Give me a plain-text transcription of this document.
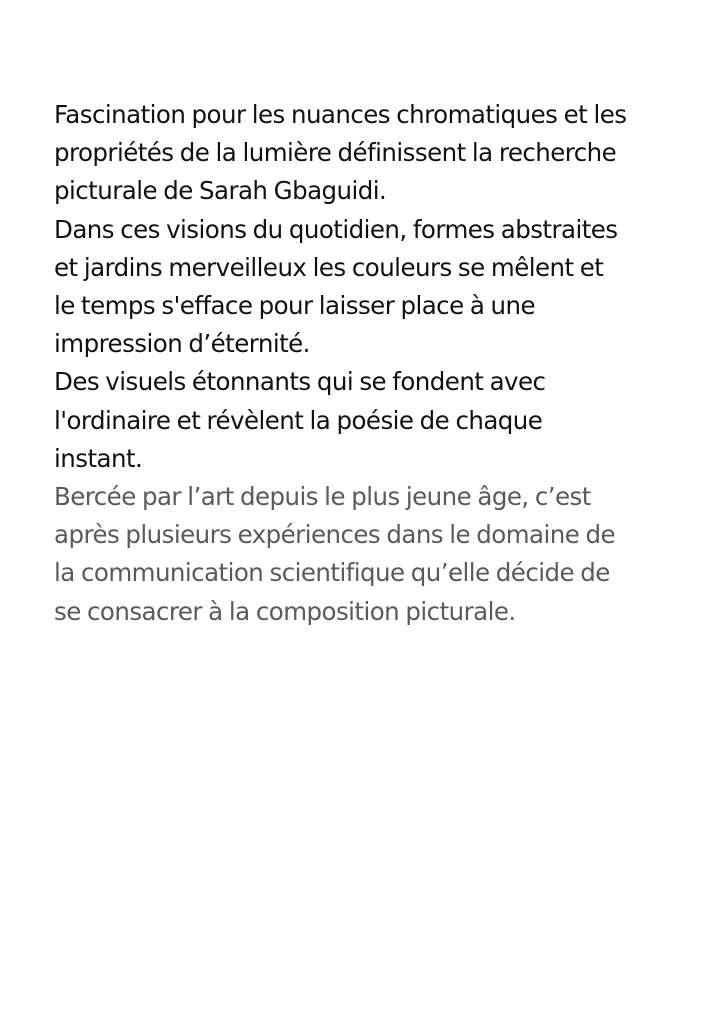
Fascination pour les nuances chromatiques et les
propriétés de la lumière définissent la recherche
picturale de Sarah Gbaguidi.

Dans ces visions du quotidien, formes abstraites
et jardins merveilleux les couleurs se mêlent et
le temps s'efface pour laisser place à une
impression d’éternité.

Des visuels étonnants qui se fondent avec
l'ordinaire et révèlent la poésie de chaque
instant.

Bercée par l’art depuis le plus jeune âge, c’est
après plusieurs expériences dans le domaine de
la communication scientifique qu’elle décide de
se consacrer à la composition picturale.
